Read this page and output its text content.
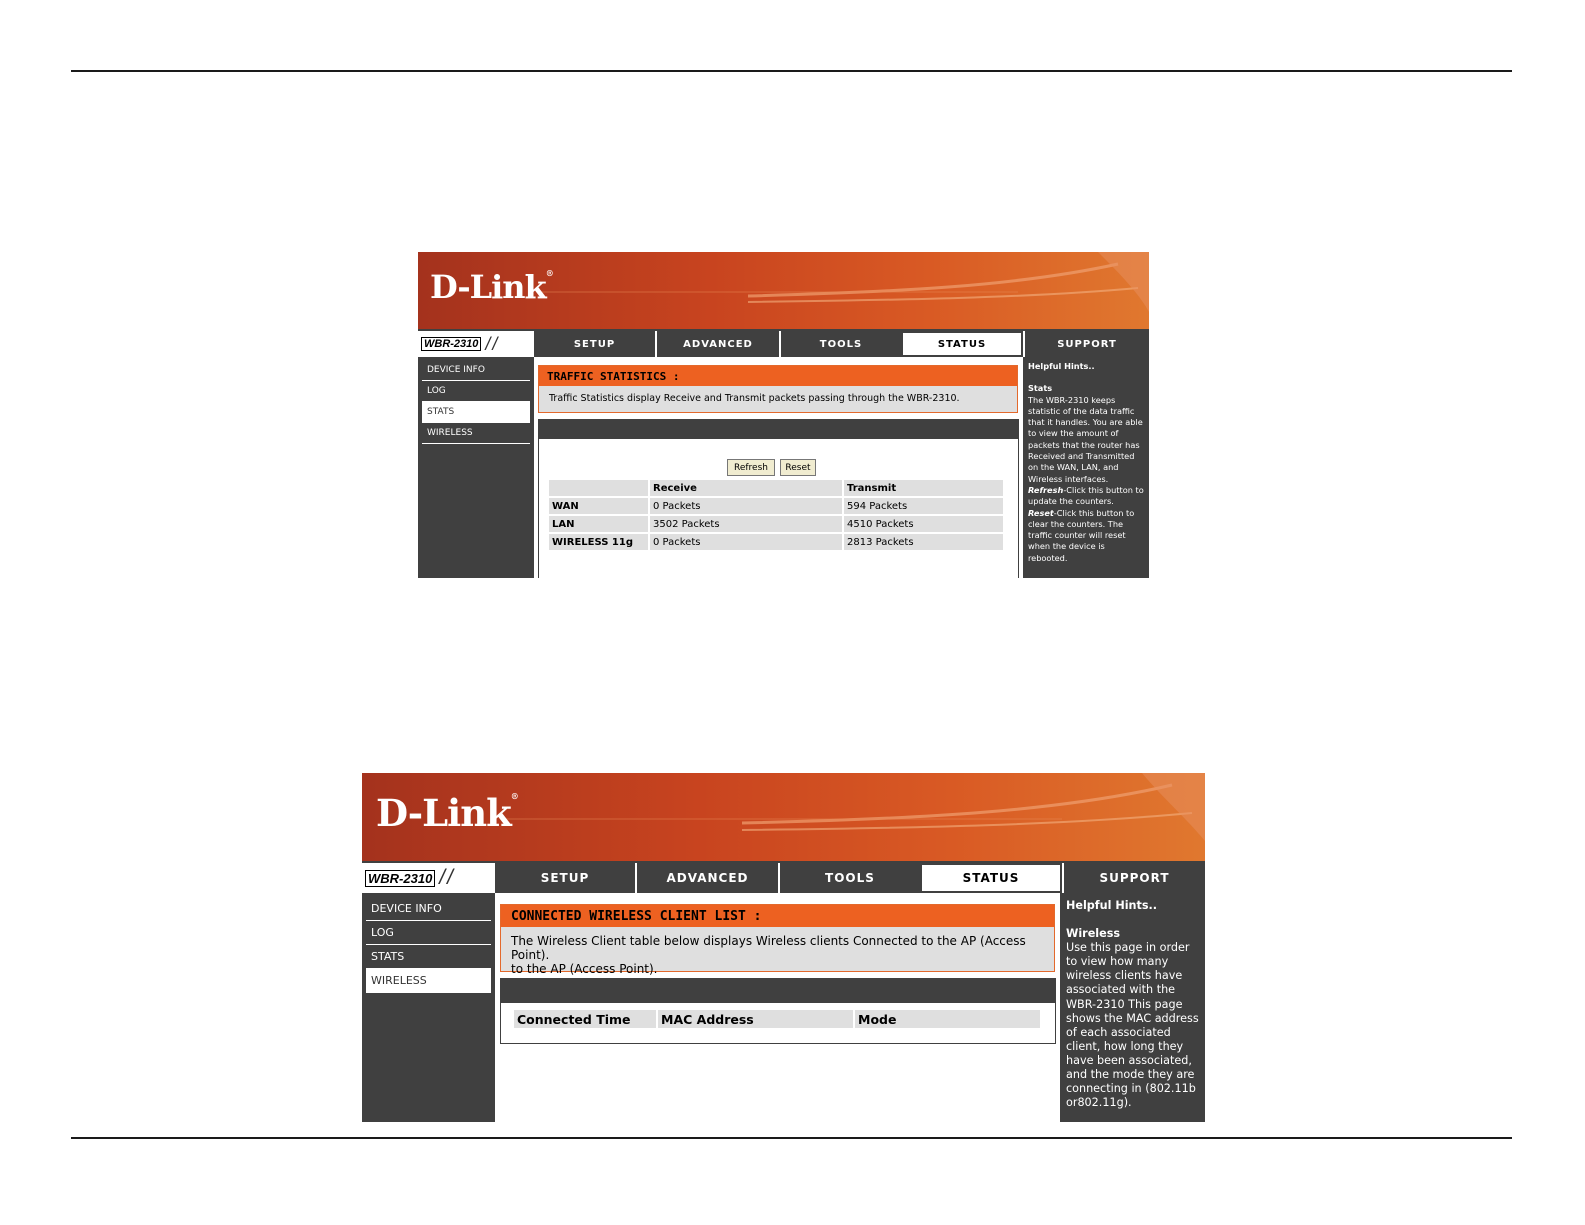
D-Link®
WBR-2310 //	SETUP	ADVANCED	TOOLS	STATUS	SUPPORT
DEVICE INFO
LOG
STATS
WIRELESS
TRAFFIC STATISTICS :
Traffic Statistics display Receive and Transmit packets passing through the WBR-2310.
Refresh	Reset
	Receive	Transmit
WAN	0 Packets	594 Packets
LAN	3502 Packets	4510 Packets
WIRELESS 11g	0 Packets	2813 Packets
Helpful Hints..
Stats
The WBR-2310 keeps statistic of the data traffic that it handles. You are able to view the amount of packets that the router has Received and Transmitted on the WAN, LAN, and Wireless interfaces.
Refresh-Click this button to update the counters.
Reset-Click this button to clear the counters. The traffic counter will reset when the device is rebooted.
D-Link®
WBR-2310 //	SETUP	ADVANCED	TOOLS	STATUS	SUPPORT
DEVICE INFO
LOG
STATS
WIRELESS
CONNECTED WIRELESS CLIENT LIST :
The Wireless Client table below displays Wireless clients Connected to the AP (Access Point).
to the AP (Access Point).
Connected Time	MAC Address	Mode
Helpful Hints..
Wireless
Use this page in order to view how many wireless clients have associated with the WBR-2310 This page shows the MAC address of each associated client, how long they have been associated, and the mode they are connecting in (802.11b or802.11g).
